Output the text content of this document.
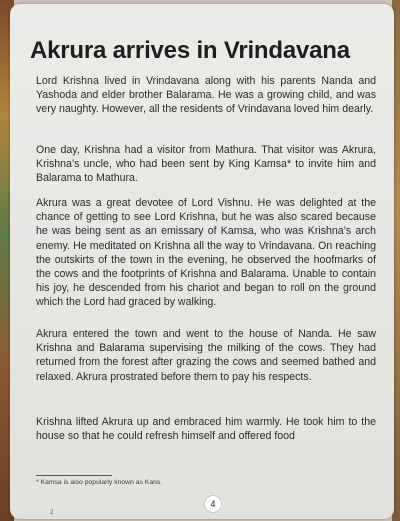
Akrura arrives in Vrindavana

Lord Krishna lived in Vrindavana along with his parents Nanda and Yashoda and elder brother Balarama. He was a growing child, and was very naughty. However, all the residents of Vrindavana loved him dearly.

One day, Krishna had a visitor from Mathura. That visitor was Akrura, Krishna’s uncle, who had been sent by King Kamsa* to invite him and Balarama to Mathura.

Akrura was a great devotee of Lord Vishnu. He was delighted at the chance of getting to see Lord Krishna, but he was also scared because he was being sent as an emissary of Kamsa, who was Krishna’s arch enemy. He meditated on Krishna all the way to Vrindavana. On reaching the outskirts of the town in the evening, he observed the hoofmarks of the cows and the footprints of Krishna and Balarama. Unable to contain his joy, he descended from his chariot and began to roll on the ground which the Lord had graced by walking.

Akrura entered the town and went to the house of Nanda. He saw Krishna and Balarama supervising the milking of the cows. They had returned from the forest after grazing the cows and seemed bathed and relaxed. Akrura prostrated before them to pay his respects.

Krishna lifted Akrura up and embraced him warmly. He took him to the house so that he could refresh himself and offered food

* Kamsa is also popularly known as Kans.
4
2
